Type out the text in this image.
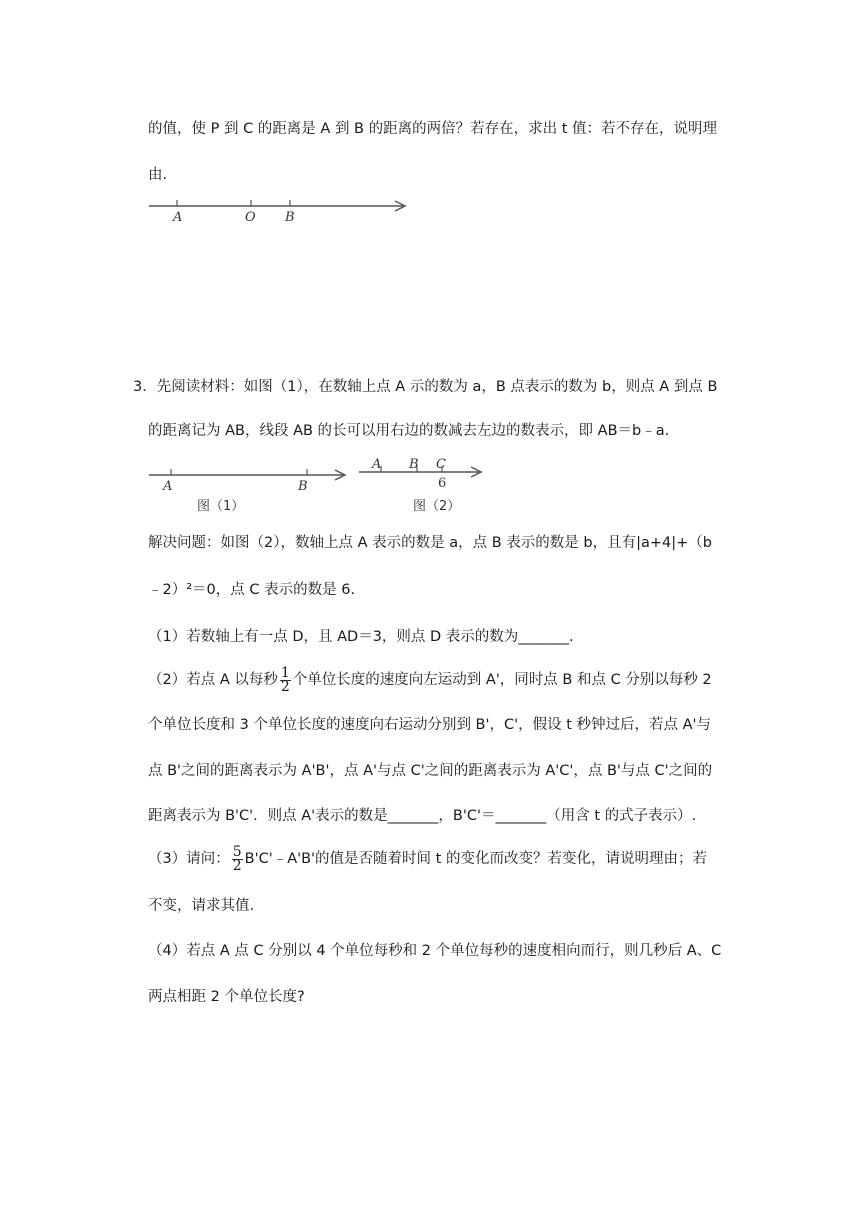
的值，使 P 到 C 的距离是 A 到 B 的距离的两倍？若存在，求出 t 值：若不存在，说明理
由.
A	O B
3．先阅读材料：如图（1），在数轴上点 A 示的数为 a，B 点表示的数为 b，则点 A 到点 B
的距离记为 AB，线段 AB 的长可以用右边的数减去左边的数表示，即 AB＝b﹣a.
A	B
图（1）
A B C
6
图（2）
解决问题：如图（2），数轴上点 A 表示的数是 a，点 B 表示的数是 b，且有|a+4|+（b
﹣2）²＝0，点 C 表示的数是 6.
（1）若数轴上有一点 D，且 AD＝3，则点 D 表示的数为_______.
（2）若点 A 以每秒 $\frac{1}{2}$ 个单位长度的速度向左运动到 A'，同时点 B 和点 C 分别以每秒 2
个单位长度和 3 个单位长度的速度向右运动分别到 B'，C'，假设 t 秒钟过后，若点 A'与
点 B'之间的距离表示为 A'B'，点 A'与点 C'之间的距离表示为 A'C'，点 B'与点 C'之间的
距离表示为 B'C'．则点 A'表示的数是_______，B'C'＝_______（用含 t 的式子表示）.
（3）请问： $\frac{5}{2}$ B'C'﹣A'B'的值是否随着时间 t 的变化而改变？若变化，请说明理由；若
不变，请求其值.
（4）若点 A 点 C 分别以 4 个单位每秒和 2 个单位每秒的速度相向而行，则几秒后 A、C
两点相距 2 个单位长度?
